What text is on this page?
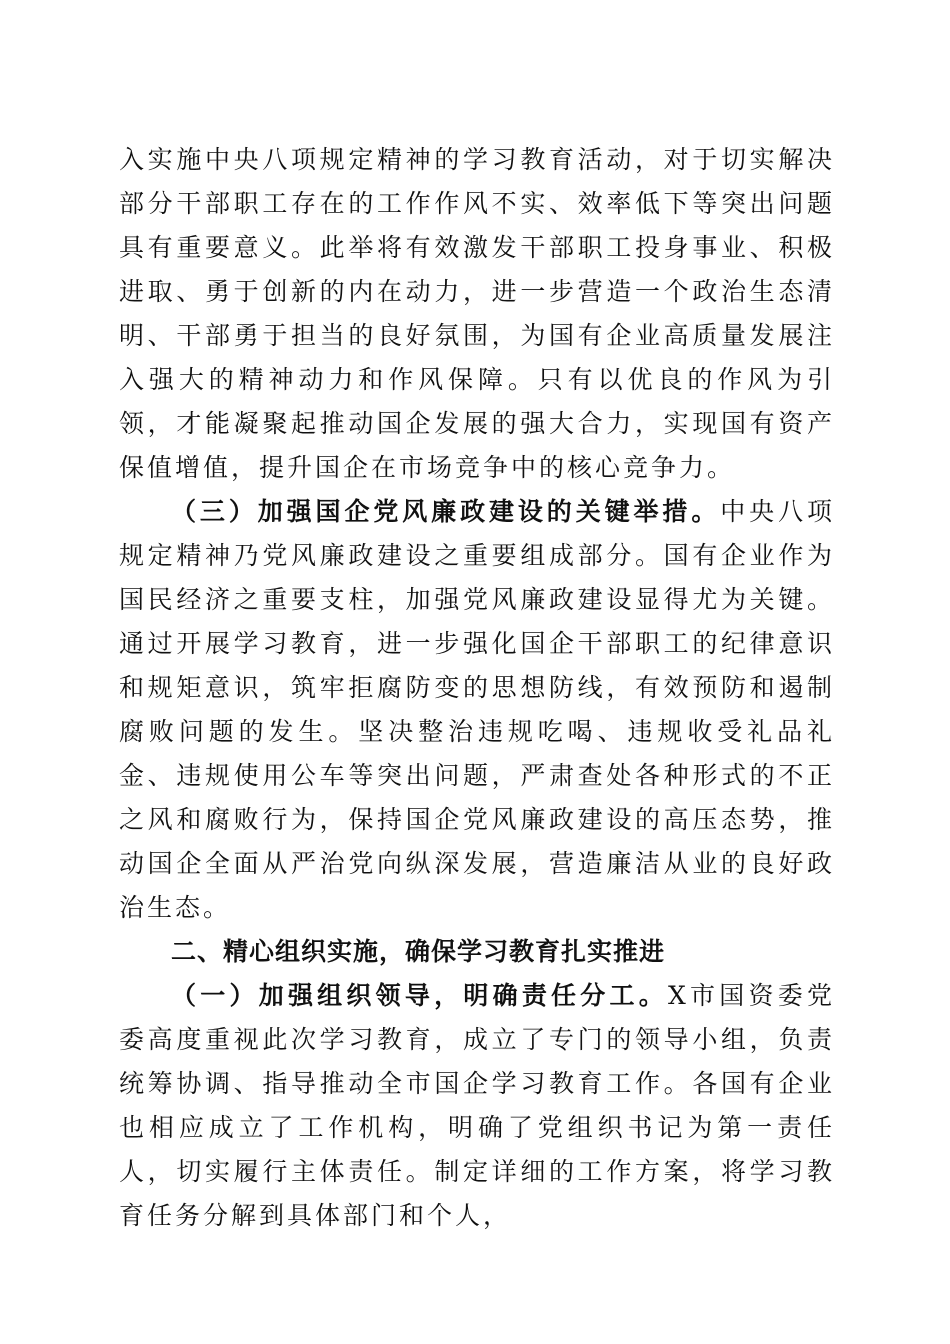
入实施中央八项规定精神的学习教育活动，对于切实解决部分干部职工存在的工作作风不实、效率低下等突出问题具有重要意义。此举将有效激发干部职工投身事业、积极进取、勇于创新的内在动力，进一步营造一个政治生态清明、干部勇于担当的良好氛围，为国有企业高质量发展注入强大的精神动力和作风保障。只有以优良的作风为引领，才能凝聚起推动国企发展的强大合力，实现国有资产保值增值，提升国企在市场竞争中的核心竞争力。

（三）加强国企党风廉政建设的关键举措。中央八项规定精神乃党风廉政建设之重要组成部分。国有企业作为国民经济之重要支柱，加强党风廉政建设显得尤为关键。通过开展学习教育，进一步强化国企干部职工的纪律意识和规矩意识，筑牢拒腐防变的思想防线，有效预防和遏制腐败问题的发生。坚决整治违规吃喝、违规收受礼品礼金、违规使用公车等突出问题，严肃查处各种形式的不正之风和腐败行为，保持国企党风廉政建设的高压态势，推动国企全面从严治党向纵深发展，营造廉洁从业的良好政治生态。

二、精心组织实施，确保学习教育扎实推进

（一）加强组织领导，明确责任分工。X市国资委党委高度重视此次学习教育，成立了专门的领导小组，负责统筹协调、指导推动全市国企学习教育工作。各国有企业也相应成立了工作机构，明确了党组织书记为第一责任人，切实履行主体责任。制定详细的工作方案，将学习教育任务分解到具体部门和个人，
